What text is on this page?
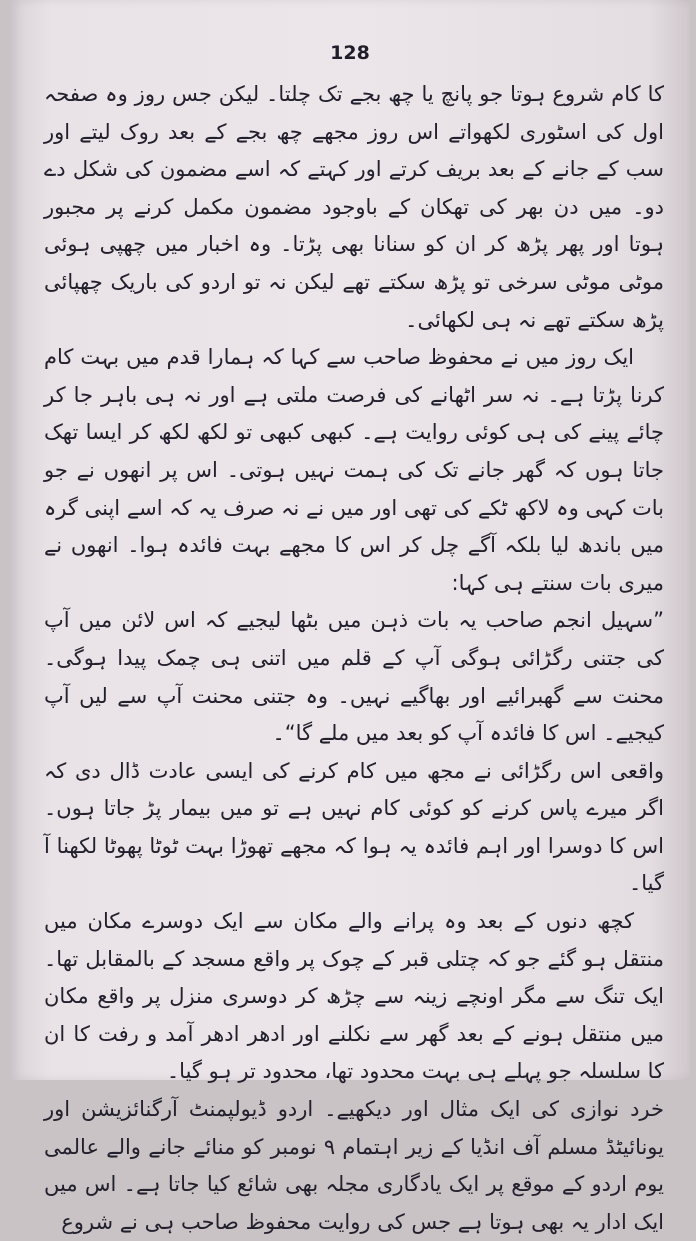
128

کا کام شروع ہوتا جو پانچ یا چھ بجے تک چلتا۔ لیکن جس روز وہ صفحہ اول کی اسٹوری لکھواتے اس روز مجھے چھ بجے کے بعد روک لیتے اور سب کے جانے کے بعد بریف کرتے اور کہتے کہ اسے مضمون کی شکل دے دو۔ میں دن بھر کی تھکان کے باوجود مضمون مکمل کرنے پر مجبور ہوتا اور پھر پڑھ کر ان کو سنانا بھی پڑتا۔ وہ اخبار میں چھپی ہوئی موٹی موٹی سرخی تو پڑھ سکتے تھے لیکن نہ تو اردو کی باریک چھپائی پڑھ سکتے تھے نہ ہی لکھائی۔

ایک روز میں نے محفوظ صاحب سے کہا کہ ہمارا قدم میں بہت کام کرنا پڑتا ہے۔ نہ سر اٹھانے کی فرصت ملتی ہے اور نہ ہی باہر جا کر چائے پینے کی ہی کوئی روایت ہے۔ کبھی کبھی تو لکھ لکھ کر ایسا تھک جاتا ہوں کہ گھر جانے تک کی ہمت نہیں ہوتی۔ اس پر انھوں نے جو بات کہی وہ لاکھ ٹکے کی تھی اور میں نے نہ صرف یہ کہ اسے اپنی گرہ میں باندھ لیا بلکہ آگے چل کر اس کا مجھے بہت فائدہ ہوا۔ انھوں نے میری بات سنتے ہی کہا:

”سہیل انجم صاحب یہ بات ذہن میں بٹھا لیجیے کہ اس لائن میں آپ کی جتنی رگڑائی ہوگی آپ کے قلم میں اتنی ہی چمک پیدا ہوگی۔ محنت سے گھبرائیے اور بھاگیے نہیں۔ وہ جتنی محنت آپ سے لیں آپ کیجیے۔ اس کا فائدہ آپ کو بعد میں ملے گا“۔

واقعی اس رگڑائی نے مجھ میں کام کرنے کی ایسی عادت ڈال دی کہ اگر میرے پاس کرنے کو کوئی کام نہیں ہے تو میں بیمار پڑ جاتا ہوں۔ اس کا دوسرا اور اہم فائدہ یہ ہوا کہ مجھے تھوڑا بہت ٹوٹا پھوٹا لکھنا آ گیا۔

کچھ دنوں کے بعد وہ پرانے والے مکان سے ایک دوسرے مکان میں منتقل ہو گئے جو کہ چتلی قبر کے چوک پر واقع مسجد کے بالمقابل تھا۔ ایک تنگ سے مگر اونچے زینہ سے چڑھ کر دوسری منزل پر واقع مکان میں منتقل ہونے کے بعد گھر سے نکلنے اور ادھر ادھر آمد و رفت کا ان کا سلسلہ جو پہلے ہی بہت محدود تھا، محدود تر ہو گیا۔

خرد نوازی کی ایک مثال اور دیکھیے۔ اردو ڈیولپمنٹ آرگنائزیشن اور یونائیٹڈ مسلم آف انڈیا کے زیر اہتمام ۹ نومبر کو منائے جانے والے عالمی یوم اردو کے موقع پر ایک یادگاری مجلہ بھی شائع کیا جاتا ہے۔ اس میں ایک ادار یہ بھی ہوتا ہے جس کی روایت محفوظ صاحب ہی نے شروع
